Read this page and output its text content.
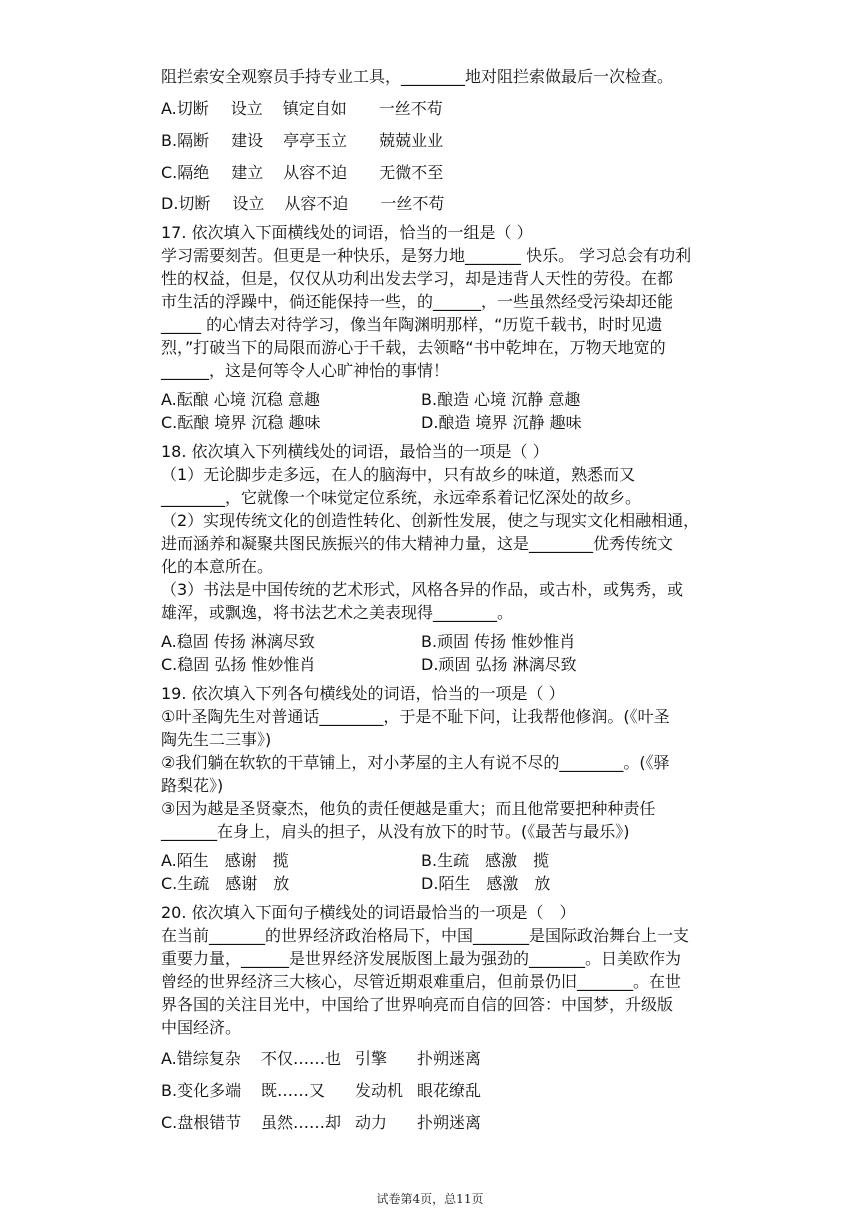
阻拦索安全观察员手持专业工具，________地对阻拦索做最后一次检查。
A.切断 设立 镇定自如 一丝不苟
B.隔断 建设 亭亭玉立 兢兢业业
C.隔绝 建立 从容不迫 无微不至
D.切断 设立 从容不迫 一丝不苟
17. 依次填入下面横线处的词语，恰当的一组是（ ）
学习需要刻苦。但更是一种快乐，是努力地_______ 快乐。 学习总会有功利
性的权益，但是，仅仅从功利出发去学习，却是违背人天性的劳役。在都
市生活的浮躁中，倘还能保持一些，的______，一些虽然经受污染却还能
_____ 的心情去对待学习，像当年陶渊明那样，“历览千载书，时时见遗
烈，”打破当下的局限而游心于千载，去领略“书中乾坤在，万物天地宽的
______，这是何等令人心旷神怡的事情！
A.酝酿 心境 沉稳 意趣	B.酿造 心境 沉静 意趣
C.酝酿 境界 沉稳 趣味	D.酿造 境界 沉静 趣味
18. 依次填入下列横线处的词语，最恰当的一项是（ ）
（1）无论脚步走多远，在人的脑海中，只有故乡的味道，熟悉而又
________，它就像一个味觉定位系统，永远牵系着记忆深处的故乡。
（2）实现传统文化的创造性转化、创新性发展，使之与现实文化相融相通，
进而涵养和凝聚共图民族振兴的伟大精神力量，这是________优秀传统文
化的本意所在。
（3）书法是中国传统的艺术形式，风格各异的作品，或古朴，或隽秀，或
雄浑，或飘逸，将书法艺术之美表现得________。
A.稳固 传扬 淋漓尽致	B.顽固 传扬 惟妙惟肖
C.稳固 弘扬 惟妙惟肖	D.顽固 弘扬 淋漓尽致
19. 依次填入下列各句横线处的词语，恰当的一项是（ ）
①叶圣陶先生对普通话________，于是不耻下问，让我帮他修润。(《叶圣
陶先生二三事》)
②我们躺在软软的干草铺上，对小茅屋的主人有说不尽的________。(《驿
路梨花》)
③因为越是圣贤豪杰，他负的责任便越是重大；而且他常要把种种责任
_______在身上，肩头的担子，从没有放下的时节。(《最苦与最乐》)
A.陌生　感谢　揽	B.生疏　感激　揽
C.生疏　感谢　放	D.陌生　感激　放
20. 依次填入下面句子横线处的词语最恰当的一项是（　）
在当前_______的世界经济政治格局下，中国_______是国际政治舞台上一支
重要力量，______是世界经济发展版图上最为强劲的_______。日美欧作为
曾经的世界经济三大核心，尽管近期艰难重启，但前景仍旧_______。在世
界各国的关注目光中，中国给了世界响亮而自信的回答：中国梦，升级版
中国经济。
A.错综复杂 不仅……也 引擎 扑朔迷离
B.变化多端 既……又 发动机 眼花缭乱
C.盘根错节 虽然……却 动力 扑朔迷离
试卷第4页，总11页
